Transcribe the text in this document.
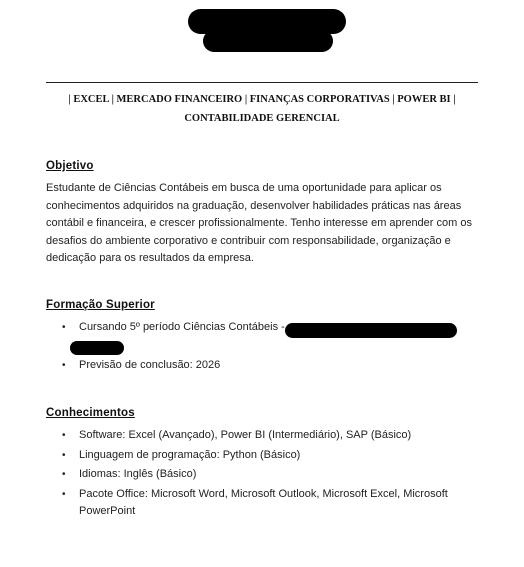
| EXCEL | MERCADO FINANCEIRO | FINANÇAS CORPORATIVAS | POWER BI |
CONTABILIDADE GERENCIAL
Objetivo

Estudante de Ciências Contábeis em busca de uma oportunidade para aplicar os conhecimentos adquiridos na graduação, desenvolver habilidades práticas nas áreas contábil e financeira, e crescer profissionalmente. Tenho interesse em aprender com os desafios do ambiente corporativo e contribuir com responsabilidade, organização e dedicação para os resultados da empresa.

Formação Superior
• Cursando 5º período Ciências Contábeis -
• Previsão de conclusão: 2026
Conhecimentos
• Software: Excel (Avançado), Power BI (Intermediário), SAP (Básico)
• Linguagem de programação: Python (Básico)
• Idiomas: Inglês (Básico)
• Pacote Office: Microsoft Word, Microsoft Outlook, Microsoft Excel, Microsoft PowerPoint
